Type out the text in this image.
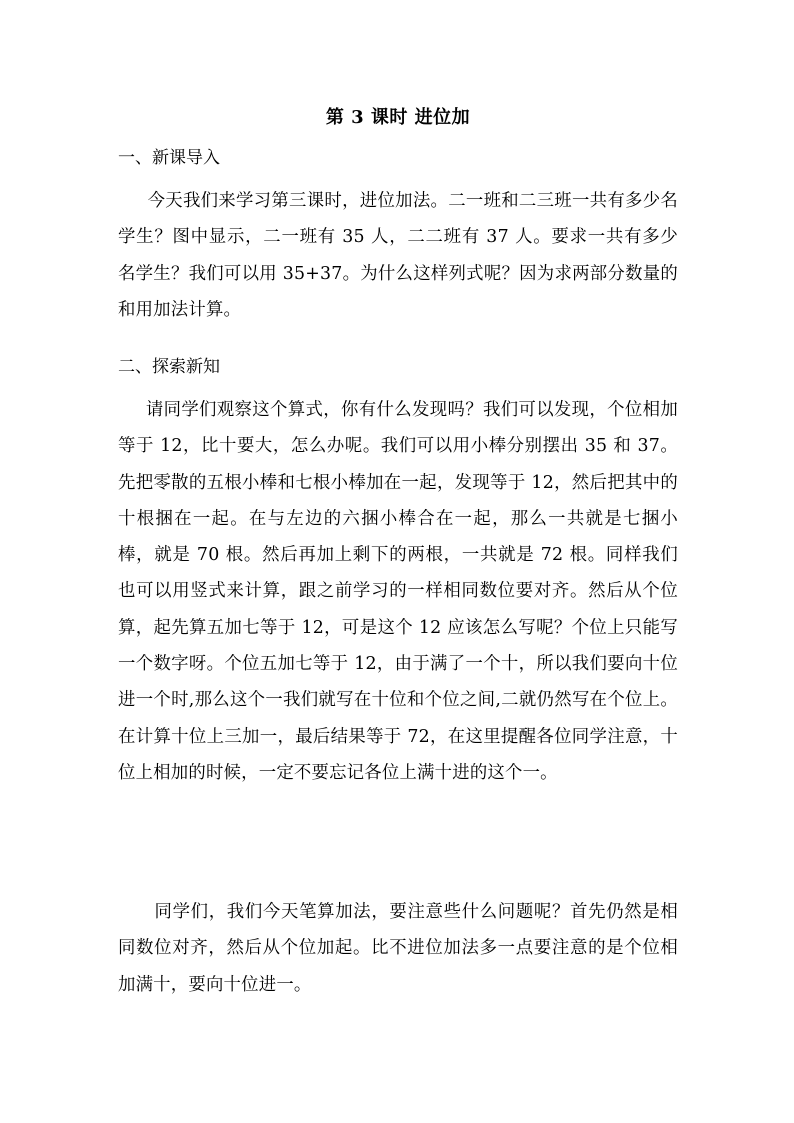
第 3 课时 进位加
一、新课导入
今天我们来学习第三课时，进位加法。二一班和二三班一共有多少名学生？图中显示，二一班有 35 人，二二班有 37 人。要求一共有多少名学生？我们可以用 35+37。为什么这样列式呢？因为求两部分数量的和用加法计算。
二、探索新知
请同学们观察这个算式，你有什么发现吗？我们可以发现，个位相加等于 12，比十要大，怎么办呢。我们可以用小棒分别摆出 35 和 37。先把零散的五根小棒和七根小棒加在一起，发现等于 12，然后把其中的十根捆在一起。在与左边的六捆小棒合在一起，那么一共就是七捆小棒，就是 70 根。然后再加上剩下的两根，一共就是 72 根。同样我们也可以用竖式来计算，跟之前学习的一样相同数位要对齐。然后从个位算，起先算五加七等于 12，可是这个 12 应该怎么写呢？个位上只能写一个数字呀。个位五加七等于 12，由于满了一个十，所以我们要向十位进一个时,那么这个一我们就写在十位和个位之间,二就仍然写在个位上。在计算十位上三加一，最后结果等于 72，在这里提醒各位同学注意，十位上相加的时候，一定不要忘记各位上满十进的这个一。
同学们，我们今天笔算加法，要注意些什么问题呢？首先仍然是相同数位对齐，然后从个位加起。比不进位加法多一点要注意的是个位相加满十，要向十位进一。
